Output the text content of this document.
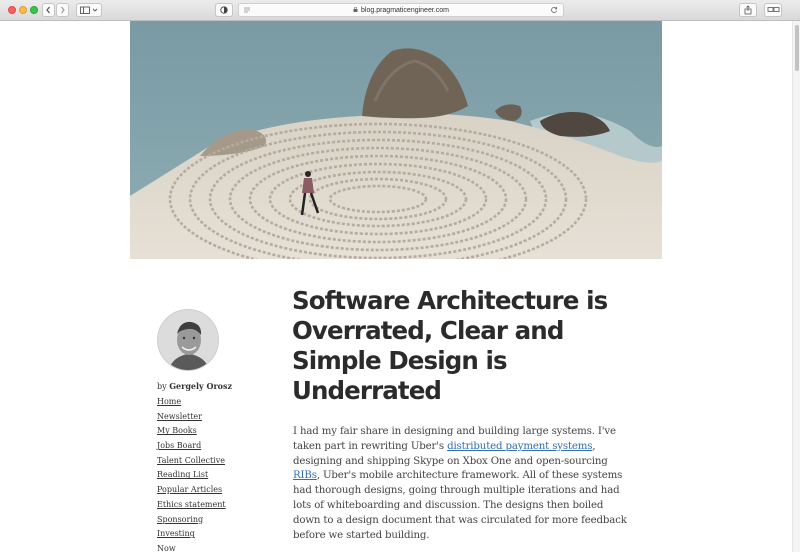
blog.pragmaticengineer.com
by Gergely Orosz
Home
Newsletter
My Books
Jobs Board
Talent Collective
Reading List
Popular Articles
Ethics statement
Sponsoring
Investing
Now
Software Architecture is Overrated, Clear and Simple Design is Underrated

I had my fair share in designing and building large systems. I've taken part in rewriting Uber's distributed payment systems, designing and shipping Skype on Xbox One and open-sourcing RIBs, Uber's mobile architecture framework. All of these systems had thorough designs, going through multiple iterations and had lots of whiteboarding and discussion. The designs then boiled down to a design document that was circulated for more feedback before we started building.
